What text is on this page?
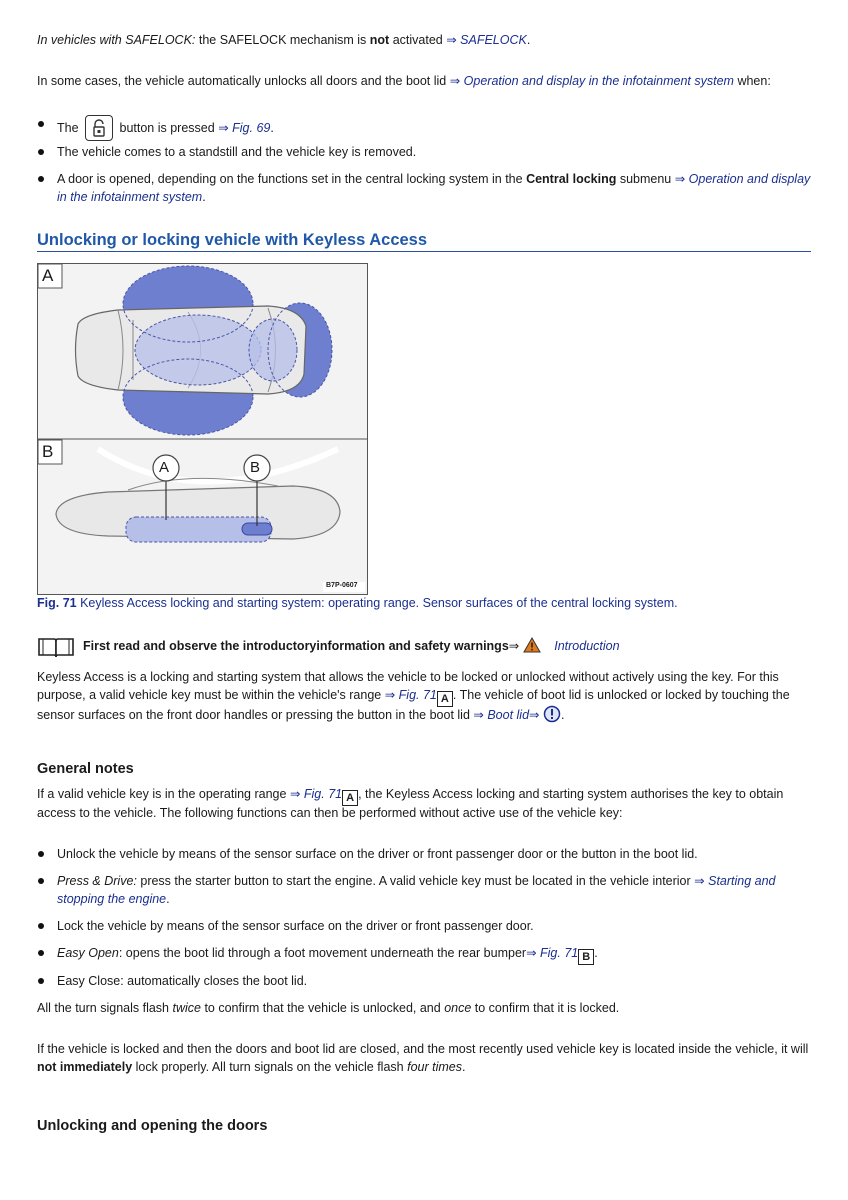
In vehicles with SAFELOCK: the SAFELOCK mechanism is not activated ⇒ SAFELOCK.
In some cases, the vehicle automatically unlocks all doors and the boot lid ⇒ Operation and display in the infotainment system when:
The	button is pressed ⇒ Fig. 69.
The vehicle comes to a standstill and the vehicle key is removed.
A door is opened, depending on the functions set in the central locking system in the Central locking submenu ⇒ Operation and display
in the infotainment system.
Unlocking or locking vehicle with Keyless Access
A
B
A	B
B7P-0607
Fig. 71 Keyless Access locking and starting system: operating range. Sensor surfaces of the central locking system.
First read and observe the introductoryinformation and safety warnings⇒	Introduction
Keyless Access is a locking and starting system that allows the vehicle to be locked or unlocked without actively using the key. For this
purpose, a valid vehicle key must be within the vehicle's range ⇒ Fig. 71 A . The vehicle of boot lid is unlocked or locked by touching the
sensor surfaces on the front door handles or pressing the button in the boot lid ⇒ Boot lid⇒ .
General notes
If a valid vehicle key is in the operating range ⇒ Fig. 71 A , the Keyless Access locking and starting system authorises the key to obtain
access to the vehicle. The following functions can then be performed without active use of the vehicle key:
Unlock the vehicle by means of the sensor surface on the driver or front passenger door or the button in the boot lid.
Press & Drive: press the starter button to start the engine. A valid vehicle key must be located in the vehicle interior ⇒ Starting and
stopping the engine.
Lock the vehicle by means of the sensor surface on the driver or front passenger door.
Easy Open: opens the boot lid through a foot movement underneath the rear bumper⇒ Fig. 71 B .
Easy Close: automatically closes the boot lid.
All the turn signals flash twice to confirm that the vehicle is unlocked, and once to confirm that it is locked.
If the vehicle is locked and then the doors and boot lid are closed, and the most recently used vehicle key is located inside the vehicle, it will
not immediately lock properly. All turn signals on the vehicle flash four times.
Unlocking and opening the doors
